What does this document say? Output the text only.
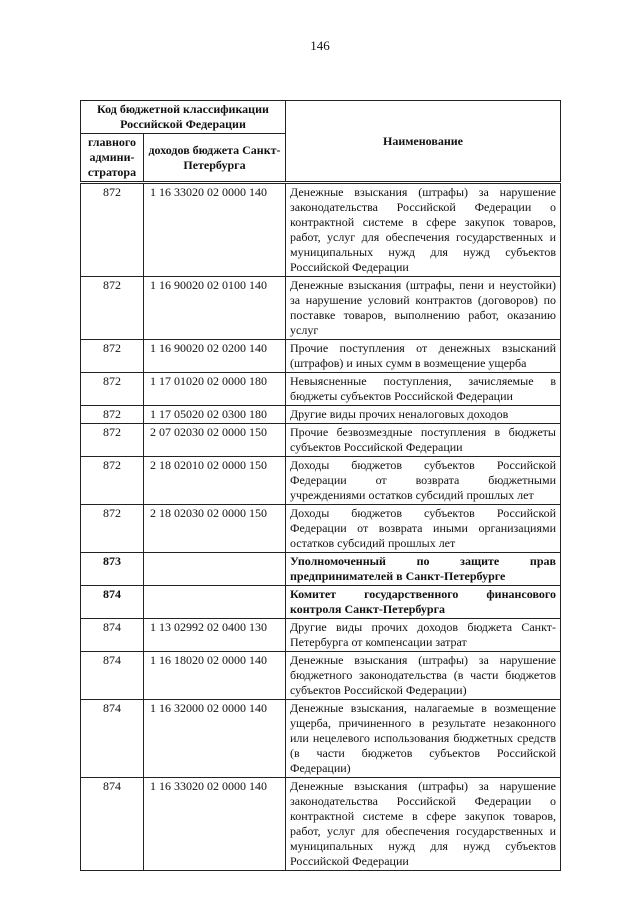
146
Код бюджетной классификации Российской Федерации		Наименование
главного админи-стратора	доходов бюджета Санкт-Петербурга	
872	1 16 33020 02 0000 140	Денежные взыскания (штрафы) за нарушение законодательства Российской Федерации о контрактной системе в сфере закупок товаров, работ, услуг для обеспечения государственных и муниципальных нужд для нужд субъектов Российской Федерации
872	1 16 90020 02 0100 140	Денежные взыскания (штрафы, пени и неустойки) за нарушение условий контрактов (договоров) по поставке товаров, выполнению работ, оказанию услуг
872	1 16 90020 02 0200 140	Прочие поступления от денежных взысканий (штрафов) и иных сумм в возмещение ущерба
872	1 17 01020 02 0000 180	Невыясненные поступления, зачисляемые в бюджеты субъектов Российской Федерации
872	1 17 05020 02 0300 180	Другие виды прочих неналоговых доходов
872	2 07 02030 02 0000 150	Прочие безвозмездные поступления в бюджеты субъектов Российской Федерации
872	2 18 02010 02 0000 150	Доходы бюджетов субъектов Российской Федерации от возврата бюджетными учреждениями остатков субсидий прошлых лет
872	2 18 02030 02 0000 150	Доходы бюджетов субъектов Российской Федерации от возврата иными организациями остатков субсидий прошлых лет
873		Уполномоченный по защите прав предпринимателей в Санкт-Петербурге
874		Комитет государственного финансового контроля Санкт-Петербурга
874	1 13 02992 02 0400 130	Другие виды прочих доходов бюджета Санкт-Петербурга от компенсации затрат
874	1 16 18020 02 0000 140	Денежные взыскания (штрафы) за нарушение бюджетного законодательства (в части бюджетов субъектов Российской Федерации)
874	1 16 32000 02 0000 140	Денежные взыскания, налагаемые в возмещение ущерба, причиненного в результате незаконного или нецелевого использования бюджетных средств (в части бюджетов субъектов Российской Федерации)
874	1 16 33020 02 0000 140	Денежные взыскания (штрафы) за нарушение законодательства Российской Федерации о контрактной системе в сфере закупок товаров, работ, услуг для обеспечения государственных и муниципальных нужд для нужд субъектов Российской Федерации
